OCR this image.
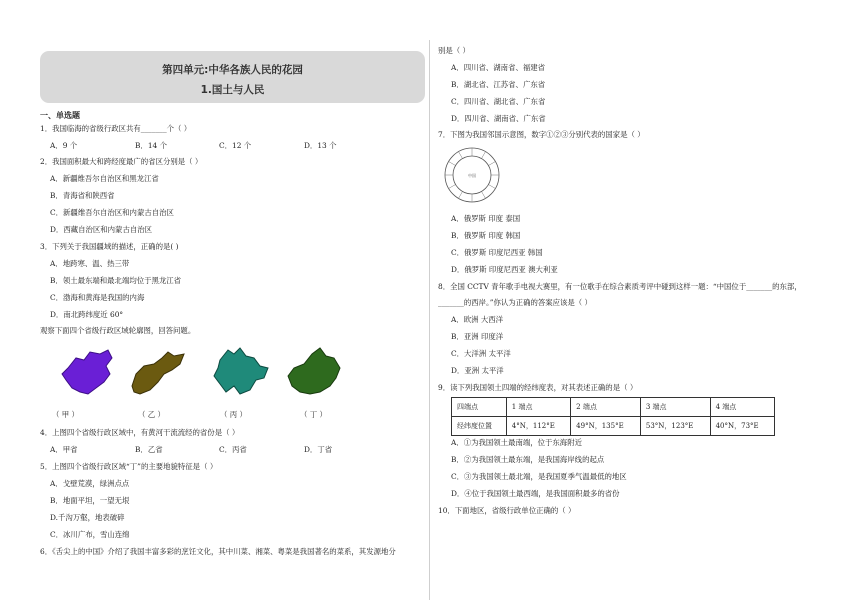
第四单元:中华各族人民的花园
1.国土与人民
一、单选题
1．我国临海的省级行政区共有_______个（ ）
A．9 个	B．14 个	C．12 个	D．13 个
2．我国面积最大和跨经度最广的省区分别是（ ）
A．新疆维吾尔自治区和黑龙江省
B．青海省和陕西省
C．新疆维吾尔自治区和内蒙古自治区
D．西藏自治区和内蒙古自治区
3．下列关于我国疆域的描述，正确的是( )
A．地跨寒、温、热三带
B．领土最东端和最北端均位于黑龙江省
C．渤海和黄海是我国的内海
D．南北跨纬度近 60°
观察下面四个省级行政区域轮廓图，回答问题。
（ 甲 ）	（ 乙 ）	（ 丙 ）	（ 丁 ）
4．上图四个省级行政区域中，有黄河干流流经的省份是（ ）
A．甲省	B．乙省	C．丙省	D．丁省
5．上图四个省级行政区域“丁”的主要地貌特征是（ ）
A．戈壁荒漠，绿洲点点
B．地面平坦，一望无垠
D.千沟万壑，地表破碎
C．冰川广布，雪山连绵
6．《舌尖上的中国》介绍了我国丰富多彩的烹饪文化，其中川菜、湘菜、粤菜是我国著名的菜系，其发源地分
别是（ ）
A．四川省、湖南省、福建省
B．湖北省、江苏省、广东省
C．四川省、湖北省、广东省
D．四川省、湖南省、广东省
7．下图为我国邻国示意图，数字①②③分别代表的国家是（ ）
中国
A．俄罗斯 印度 泰国
B．俄罗斯 印度 韩国
C．俄罗斯 印度尼西亚 韩国
D．俄罗斯 印度尼西亚 澳大利亚
8．全国 CCTV 青年歌手电视大赛里，有一位歌手在综合素质考评中碰到这样一题：“中国位于_______的东部，
_______的西岸。”你认为正确的答案应该是（ ）
A．欧洲 大西洋
B．亚洲 印度洋
C．大洋洲 太平洋
D．亚洲 太平洋
9．读下列我国领土四端的经纬度表，对其表述正确的是（ ）
四端点	1 端点	2 端点	3 端点	4 端点
经纬度位置	4°N，112°E	49°N，135°E	53°N，123°E	40°N，73°E
A．①为我国领土最南端，位于东海附近
B．②为我国领土最东端，是我国海岸线的起点
C．③为我国领土最北端，是我国夏季气温最低的地区
D．④位于我国领土最西端，是我国面积最多的省份
10．下面地区，省级行政单位正确的（ ）
